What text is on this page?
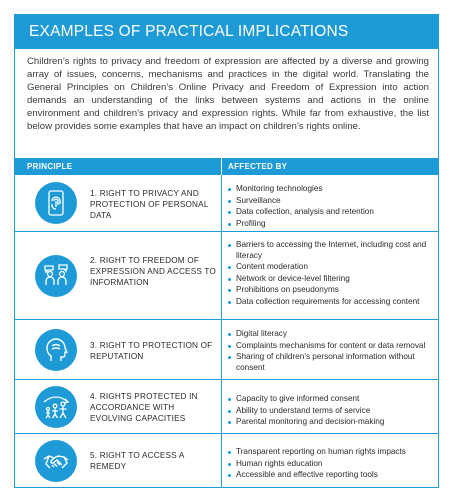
EXAMPLES OF PRACTICAL IMPLICATIONS
Children’s rights to privacy and freedom of expression are affected by a diverse and growing array of issues, concerns, mechanisms and practices in the digital world. Translating the General Principles on Children’s Online Privacy and Freedom of Expression into action demands an understanding of the links between systems and actions in the online environment and children’s privacy and expression rights. While far from exhaustive, the list below provides some examples that have an impact on children’s rights online.
PRINCIPLE	AFFECTED BY
1. RIGHT TO PRIVACY AND PROTECTION OF PERSONAL DATA
Monitoring technologies
Surveillance
Data collection, analysis and retention
Profiling
2. RIGHT TO FREEDOM OF EXPRESSION AND ACCESS TO INFORMATION
Barriers to accessing the Internet, including cost and literacy
Content moderation
Network or device-level filtering
Prohibitions on pseudonyms
Data collection requirements for accessing content
3. RIGHT TO PROTECTION OF REPUTATION
Digital literacy
Complaints mechanisms for content or data removal
Sharing of children’s personal information without consent
4. RIGHTS PROTECTED IN ACCORDANCE WITH EVOLVING CAPACITIES
Capacity to give informed consent
Ability to understand terms of service
Parental monitoring and decision-making
5. RIGHT TO ACCESS A REMEDY
Transparent reporting on human rights impacts
Human rights education
Accessible and effective reporting tools
